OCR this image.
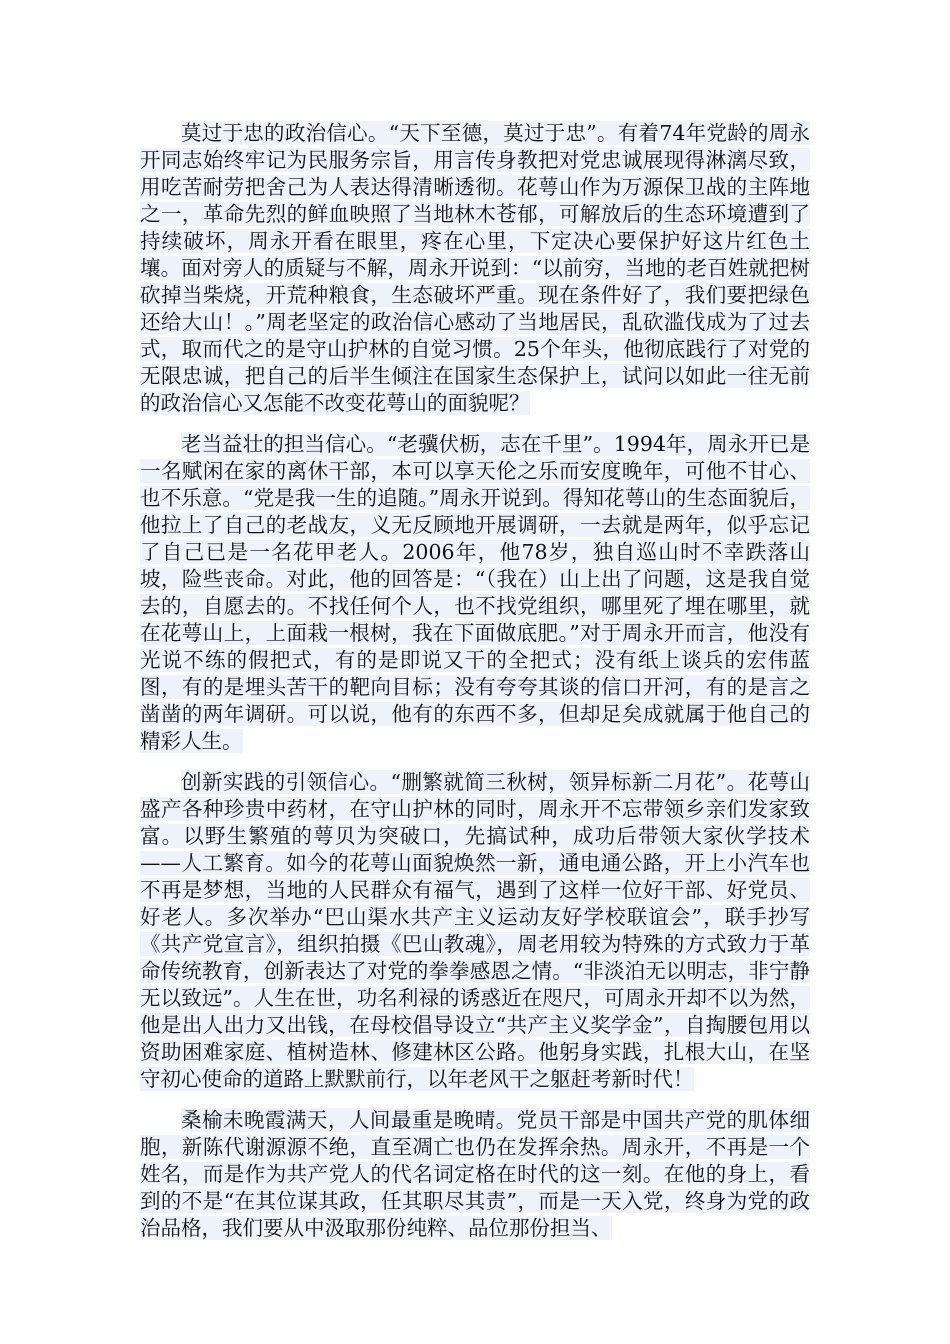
莫过于忠的政治信心。“天下至德，莫过于忠”。有着74年党龄的周永开同志始终牢记为民服务宗旨，用言传身教把对党忠诚展现得淋漓尽致，用吃苦耐劳把舍己为人表达得清晰透彻。花萼山作为万源保卫战的主阵地之一，革命先烈的鲜血映照了当地林木苍郁，可解放后的生态环境遭到了持续破坏，周永开看在眼里，疼在心里，下定决心要保护好这片红色土壤。面对旁人的质疑与不解，周永开说到：“以前穷，当地的老百姓就把树砍掉当柴烧，开荒种粮食，生态破坏严重。现在条件好了，我们要把绿色还给大山！。”周老坚定的政治信心感动了当地居民，乱砍滥伐成为了过去式，取而代之的是守山护林的自觉习惯。25个年头，他彻底践行了对党的无限忠诚，把自己的后半生倾注在国家生态保护上，试问以如此一往无前的政治信心又怎能不改变花萼山的面貌呢？

老当益壮的担当信心。“老骥伏枥，志在千里”。1994年，周永开已是一名赋闲在家的离休干部，本可以享天伦之乐而安度晚年，可他不甘心、也不乐意。“党是我一生的追随。”周永开说到。得知花萼山的生态面貌后，他拉上了自己的老战友，义无反顾地开展调研，一去就是两年，似乎忘记了自己已是一名花甲老人。2006年，他78岁，独自巡山时不幸跌落山坡，险些丧命。对此，他的回答是：“（我在）山上出了问题，这是我自觉去的，自愿去的。不找任何个人，也不找党组织，哪里死了埋在哪里，就在花萼山上，上面栽一根树，我在下面做底肥。”对于周永开而言，他没有光说不练的假把式，有的是即说又干的全把式；没有纸上谈兵的宏伟蓝图，有的是埋头苦干的靶向目标；没有夸夸其谈的信口开河，有的是言之凿凿的两年调研。可以说，他有的东西不多，但却足矣成就属于他自己的精彩人生。

创新实践的引领信心。“删繁就简三秋树，领异标新二月花”。花萼山盛产各种珍贵中药材，在守山护林的同时，周永开不忘带领乡亲们发家致富。以野生繁殖的萼贝为突破口，先搞试种，成功后带领大家伙学技术——人工繁育。如今的花萼山面貌焕然一新，通电通公路，开上小汽车也不再是梦想，当地的人民群众有福气，遇到了这样一位好干部、好党员、好老人。多次举办“巴山渠水共产主义运动友好学校联谊会”，联手抄写《共产党宣言》，组织拍摄《巴山教魂》，周老用较为特殊的方式致力于革命传统教育，创新表达了对党的拳拳感恩之情。“非淡泊无以明志，非宁静无以致远”。人生在世，功名利禄的诱惑近在咫尺，可周永开却不以为然，他是出人出力又出钱，在母校倡导设立“共产主义奖学金”，自掏腰包用以资助困难家庭、植树造林、修建林区公路。他躬身实践，扎根大山，在坚守初心使命的道路上默默前行，以年老风干之躯赶考新时代！

桑榆未晚霞满天，人间最重是晚晴。党员干部是中国共产党的肌体细胞，新陈代谢源源不绝，直至凋亡也仍在发挥余热。周永开，不再是一个姓名，而是作为共产党人的代名词定格在时代的这一刻。在他的身上，看到的不是“在其位谋其政，任其职尽其责”，而是一天入党，终身为党的政治品格，我们要从中汲取那份纯粹、品位那份担当、
